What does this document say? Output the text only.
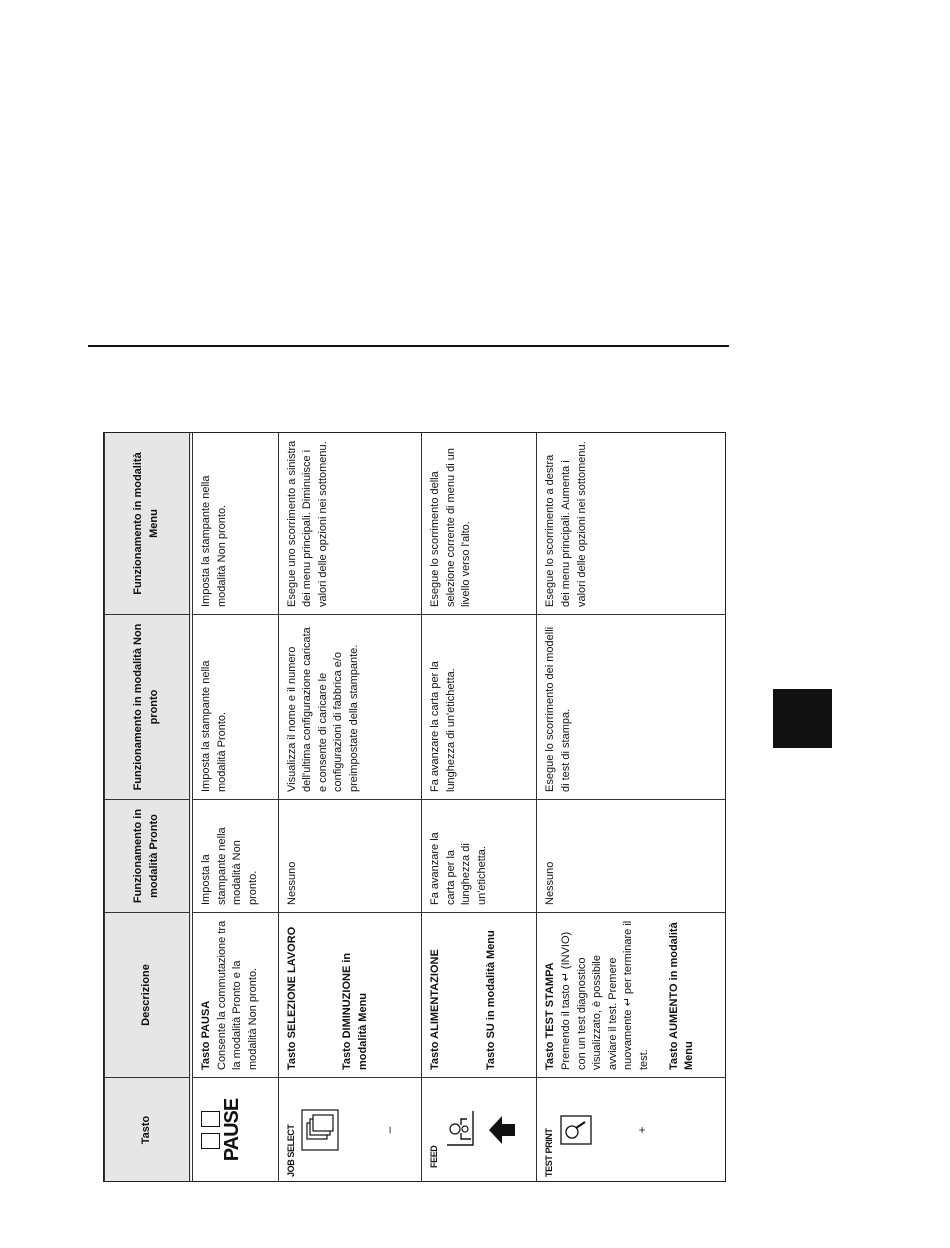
Tasto	Descrizione	Funzionamento in modalità Pronto	Funzionamento in modalità Non pronto	Funzionamento in modalità Menu

PAUSE	Tasto PAUSA Consente la commutazione tra la modalità Pronto e la modalità Non pronto.	Imposta la stampante nella modalità Non pronto.	Imposta la stampante nella modalità Pronto.	Imposta la stampante nella modalità Non pronto.

JOB SELECT –	Tasto SELEZIONE LAVORO Tasto DIMINUZIONE in modalità Menu	Nessuno	Visualizza il nome e il numero dell'ultima configurazione caricata e consente di caricare le configurazioni di fabbrica e/o preimpostate della stampante.	Esegue uno scorrimento a sinistra dei menu principali. Diminuisce i valori delle opzioni nei sottomenu.

FEED	Tasto ALIMENTAZIONE Tasto SU in modalità Menu	Fa avanzare la carta per la lunghezza di un'etichetta.	Fa avanzare la carta per la lunghezza di un'etichetta.	Esegue lo scorrimento della selezione corrente di menu di un livello verso l'alto.

TEST PRINT +	Tasto TEST STAMPA Premendo il tasto ↵ (INVIO) con un test diagnostico visualizzato, è possibile avviare il test. Premere nuovamente ↵ per terminare il test. Tasto AUMENTO in modalità Menu	Nessuno	Esegue lo scorrimento dei modelli di test di stampa.	Esegue lo scorrimento a destra dei menu principali. Aumenta i valori delle opzioni nei sottomenu.
